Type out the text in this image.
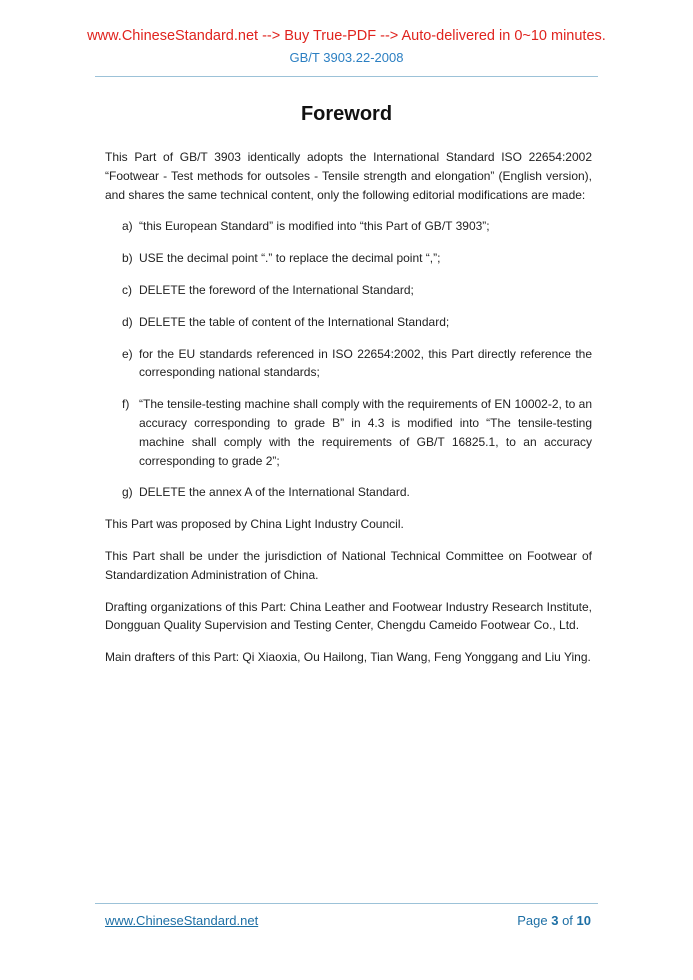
www.ChineseStandard.net --> Buy True-PDF --> Auto-delivered in 0~10 minutes.
GB/T 3903.22-2008
Foreword

This Part of GB/T 3903 identically adopts the International Standard ISO 22654:2002 “Footwear - Test methods for outsoles - Tensile strength and elongation” (English version), and shares the same technical content, only the following editorial modifications are made:

a) “this European Standard” is modified into “this Part of GB/T 3903”;
b) USE the decimal point “.” to replace the decimal point “,”;
c) DELETE the foreword of the International Standard;
d) DELETE the table of content of the International Standard;
e) for the EU standards referenced in ISO 22654:2002, this Part directly reference the corresponding national standards;
f) “The tensile-testing machine shall comply with the requirements of EN 10002-2, to an accuracy corresponding to grade B” in 4.3 is modified into “The tensile-testing machine shall comply with the requirements of GB/T 16825.1, to an accuracy corresponding to grade 2”;
g) DELETE the annex A of the International Standard.

This Part was proposed by China Light Industry Council.

This Part shall be under the jurisdiction of National Technical Committee on Footwear of Standardization Administration of China.

Drafting organizations of this Part: China Leather and Footwear Industry Research Institute, Dongguan Quality Supervision and Testing Center, Chengdu Cameido Footwear Co., Ltd.

Main drafters of this Part: Qi Xiaoxia, Ou Hailong, Tian Wang, Feng Yonggang and Liu Ying.

www.ChineseStandard.net	Page 3 of 10
